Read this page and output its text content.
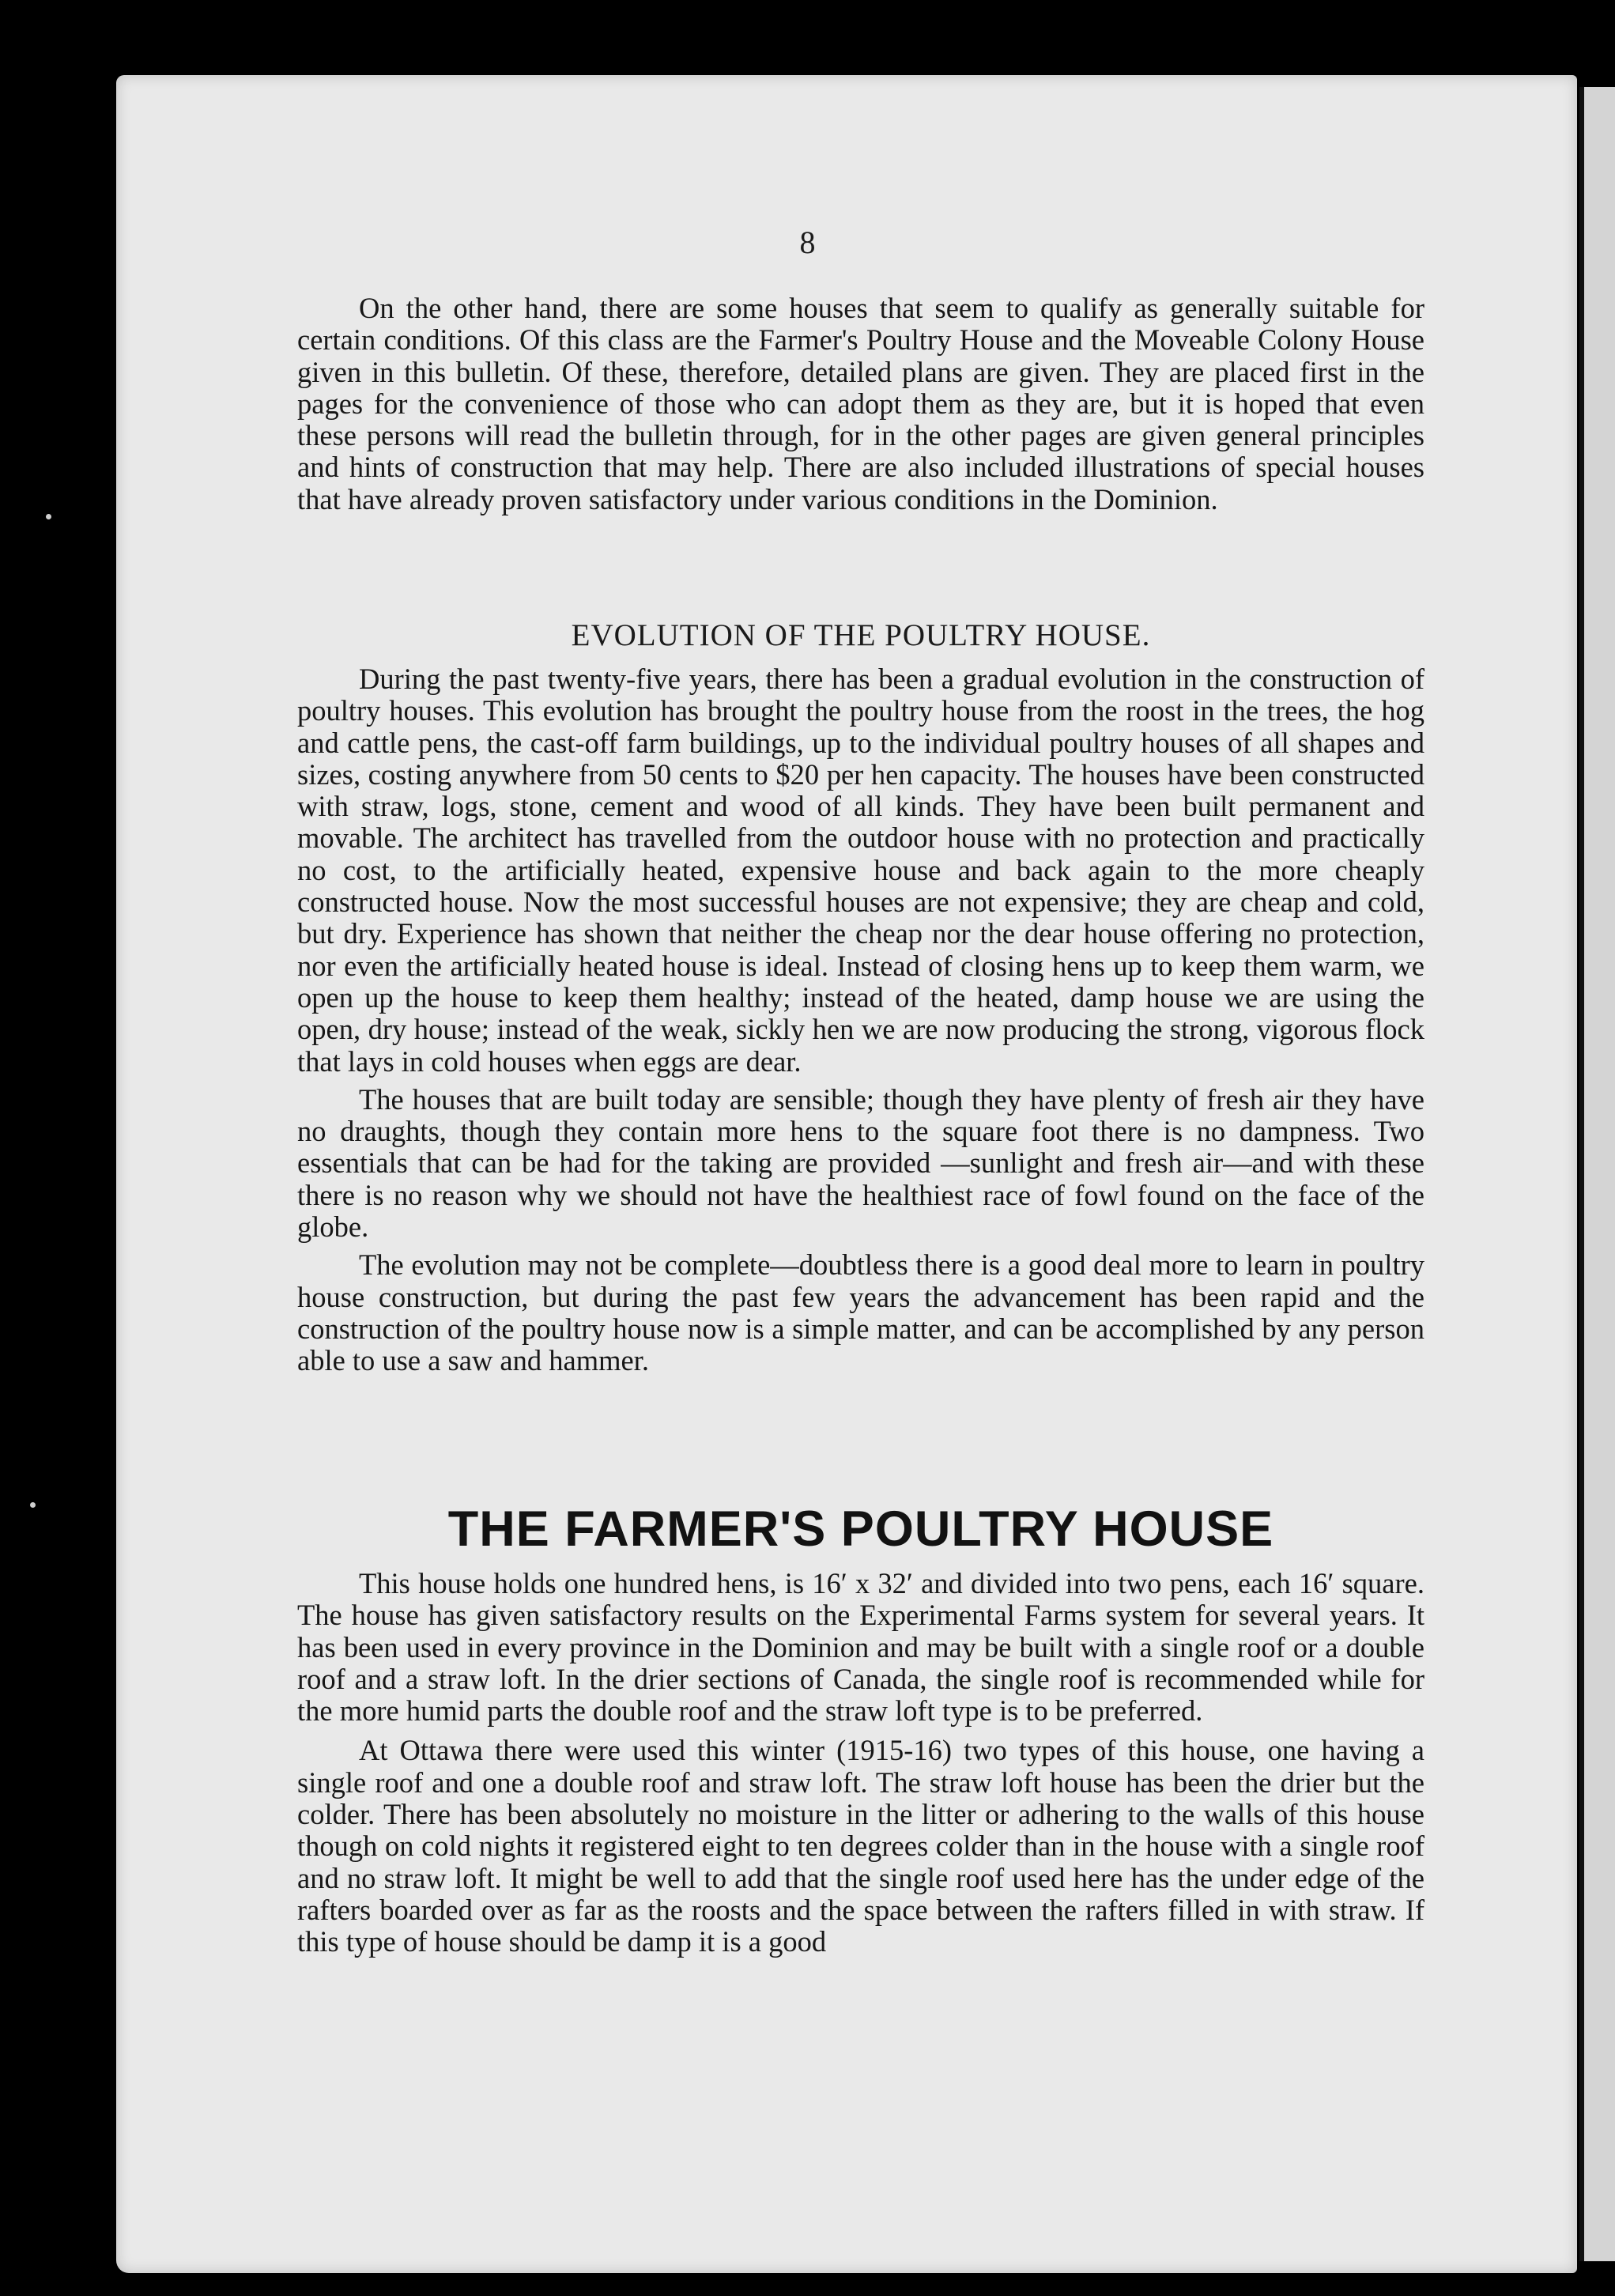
8

On the other hand, there are some houses that seem to qualify as generally suitable for certain conditions. Of this class are the Farmer's Poultry House and the Moveable Colony House given in this bulletin. Of these, therefore, detailed plans are given. They are placed first in the pages for the convenience of those who can adopt them as they are, but it is hoped that even these persons will read the bulletin through, for in the other pages are given general principles and hints of construction that may help. There are also included illustrations of special houses that have already proven satisfactory under various conditions in the Dominion.

EVOLUTION OF THE POULTRY HOUSE.

During the past twenty-five years, there has been a gradual evolution in the construction of poultry houses. This evolution has brought the poultry house from the roost in the trees, the hog and cattle pens, the cast-off farm buildings, up to the individual poultry houses of all shapes and sizes, costing anywhere from 50 cents to $20 per hen capacity. The houses have been constructed with straw, logs, stone, cement and wood of all kinds. They have been built permanent and movable. The architect has travelled from the outdoor house with no protection and practically no cost, to the artificially heated, expensive house and back again to the more cheaply constructed house. Now the most successful houses are not expensive; they are cheap and cold, but dry. Experience has shown that neither the cheap nor the dear house offering no protection, nor even the artificially heated house is ideal. Instead of closing hens up to keep them warm, we open up the house to keep them healthy; instead of the heated, damp house we are using the open, dry house; instead of the weak, sickly hen we are now producing the strong, vigorous flock that lays in cold houses when eggs are dear.

The houses that are built today are sensible; though they have plenty of fresh air they have no draughts, though they contain more hens to the square foot there is no dampness. Two essentials that can be had for the taking are provided —sunlight and fresh air—and with these there is no reason why we should not have the healthiest race of fowl found on the face of the globe.

The evolution may not be complete—doubtless there is a good deal more to learn in poultry house construction, but during the past few years the advancement has been rapid and the construction of the poultry house now is a simple matter, and can be accomplished by any person able to use a saw and hammer.

THE FARMER'S POULTRY HOUSE

This house holds one hundred hens, is 16′ x 32′ and divided into two pens, each 16′ square. The house has given satisfactory results on the Experimental Farms system for several years. It has been used in every province in the Dominion and may be built with a single roof or a double roof and a straw loft. In the drier sections of Canada, the single roof is recommended while for the more humid parts the double roof and the straw loft type is to be preferred.

At Ottawa there were used this winter (1915-16) two types of this house, one having a single roof and one a double roof and straw loft. The straw loft house has been the drier but the colder. There has been absolutely no moisture in the litter or adhering to the walls of this house though on cold nights it registered eight to ten degrees colder than in the house with a single roof and no straw loft. It might be well to add that the single roof used here has the under edge of the rafters boarded over as far as the roosts and the space between the rafters filled in with straw. If this type of house should be damp it is a good
